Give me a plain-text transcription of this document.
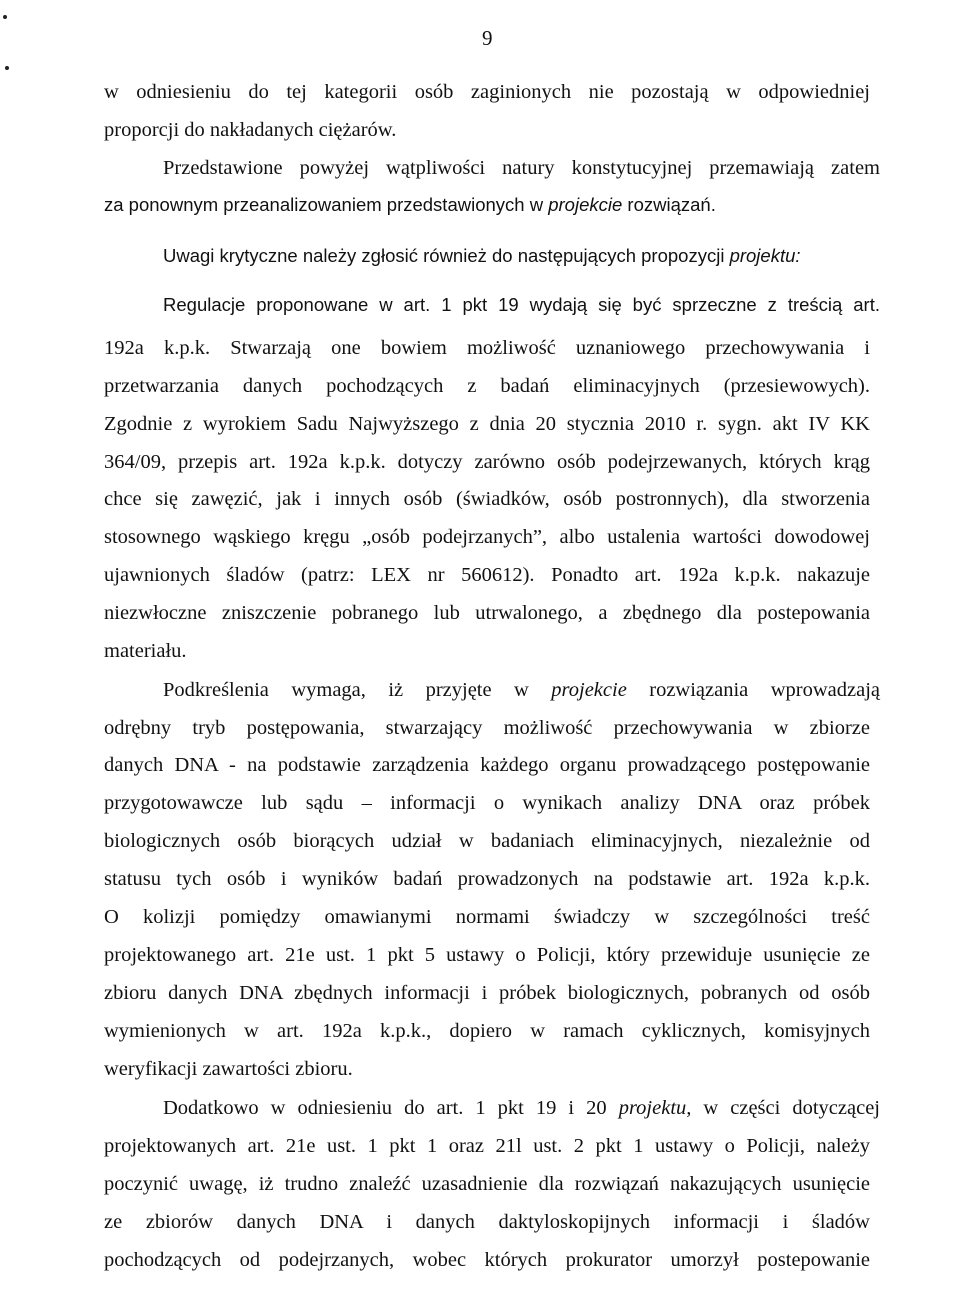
9
w odniesieniu do tej kategorii osób zaginionych nie pozostają w odpowiedniej
proporcji do nakładanych ciężarów.
Przedstawione powyżej wątpliwości natury konstytucyjnej przemawiają zatem
za ponownym przeanalizowaniem przedstawionych w projekcie rozwiązań.
Uwagi krytyczne należy zgłosić również do następujących propozycji projektu:
Regulacje proponowane w art. 1 pkt 19 wydają się być sprzeczne z treścią art.
192a k.p.k. Stwarzają one bowiem możliwość uznaniowego przechowywania i
przetwarzania danych pochodzących z badań eliminacyjnych (przesiewowych).
Zgodnie z wyrokiem Sadu Najwyższego z dnia 20 stycznia 2010 r. sygn. akt IV KK
364/09, przepis art. 192a k.p.k. dotyczy zarówno osób podejrzewanych, których krąg
chce się zawęzić, jak i innych osób (świadków, osób postronnych), dla stworzenia
stosownego wąskiego kręgu „osób podejrzanych”, albo ustalenia wartości dowodowej
ujawnionych śladów (patrz: LEX nr 560612). Ponadto art. 192a k.p.k. nakazuje
niezwłoczne zniszczenie pobranego lub utrwalonego, a zbędnego dla postepowania
materiału.
Podkreślenia wymaga, iż przyjęte w projekcie rozwiązania wprowadzają
odrębny tryb postępowania, stwarzający możliwość przechowywania w zbiorze
danych DNA - na podstawie zarządzenia każdego organu prowadzącego postępowanie
przygotowawcze lub sądu – informacji o wynikach analizy DNA oraz próbek
biologicznych osób biorących udział w badaniach eliminacyjnych, niezależnie od
statusu tych osób i wyników badań prowadzonych na podstawie art. 192a k.p.k.
O kolizji pomiędzy omawianymi normami świadczy w szczególności treść
projektowanego art. 21e ust. 1 pkt 5 ustawy o Policji, który przewiduje usunięcie ze
zbioru danych DNA zbędnych informacji i próbek biologicznych, pobranych od osób
wymienionych w art. 192a k.p.k., dopiero w ramach cyklicznych, komisyjnych
weryfikacji zawartości zbioru.
Dodatkowo w odniesieniu do art. 1 pkt 19 i 20 projektu, w części dotyczącej
projektowanych art. 21e ust. 1 pkt 1 oraz 21l ust. 2 pkt 1 ustawy o Policji, należy
poczynić uwagę, iż trudno znaleźć uzasadnienie dla rozwiązań nakazujących usunięcie
ze zbiorów danych DNA i danych daktyloskopijnych informacji i śladów
pochodzących od podejrzanych, wobec których prokurator umorzył postepowanie
